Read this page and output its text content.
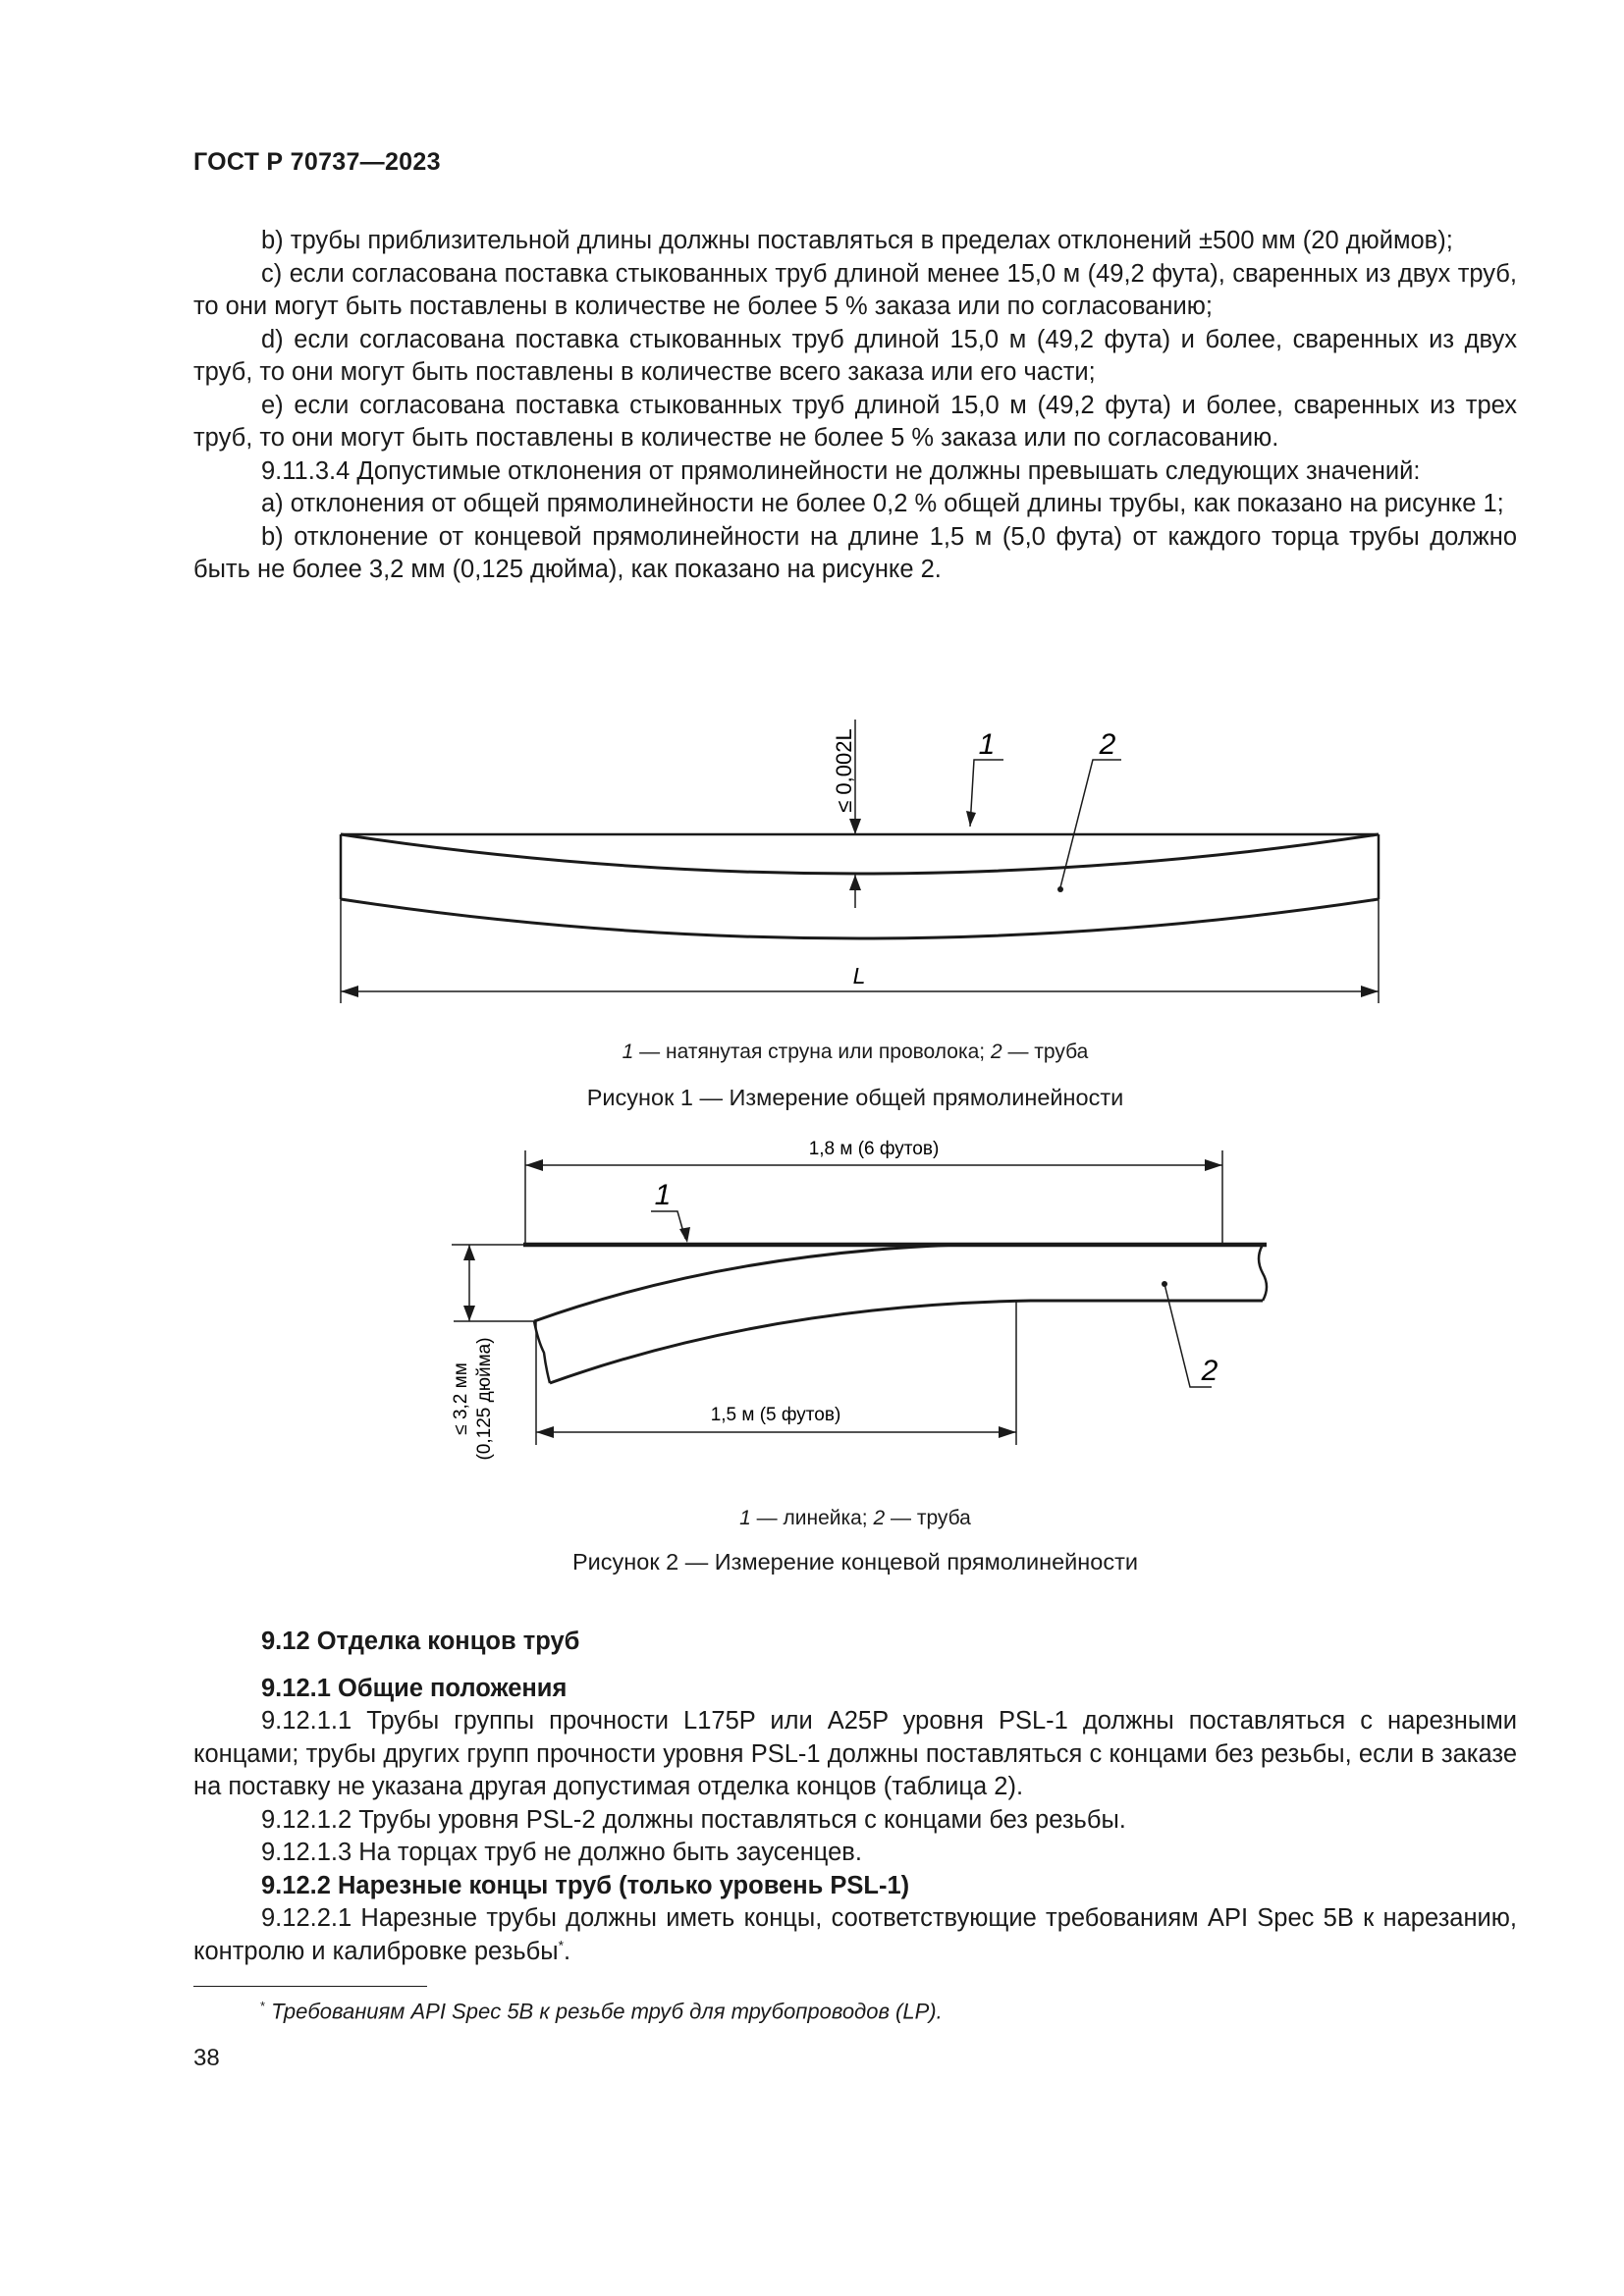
ГОСТ Р 70737—2023

b) трубы приблизительной длины должны поставляться в пределах отклонений ±500 мм (20 дюймов);

c) если согласована поставка стыкованных труб длиной менее 15,0 м (49,2 фута), сваренных из двух труб, то они могут быть поставлены в количестве не более 5 % заказа или по согласованию;

d) если согласована поставка стыкованных труб длиной 15,0 м (49,2 фута) и более, сваренных из двух труб, то они могут быть поставлены в количестве всего заказа или его части;

e) если согласована поставка стыкованных труб длиной 15,0 м (49,2 фута) и более, сваренных из трех труб, то они могут быть поставлены в количестве не более 5 % заказа или по согласованию.

9.11.3.4 Допустимые отклонения от прямолинейности не должны превышать следующих значений:

a) отклонения от общей прямолинейности не более 0,2 % общей длины трубы, как показано на рисунке 1;

b) отклонение от концевой прямолинейности на длине 1,5 м (5,0 фута) от каждого торца трубы должно быть не более 3,2 мм (0,125 дюйма), как показано на рисунке 2.

≤ 0,002L
L
1	2
1 — натянутая струна или проволока; 2 — труба
Рисунок 1 — Измерение общей прямолинейности
1,8 м (6 футов)
1,5 м (5 футов)
≤ 3,2 мм (0,125 дюйма)
1
2
1 — линейка; 2 — труба
Рисунок 2 — Измерение концевой прямолинейности

9.12 Отделка концов труб

9.12.1 Общие положения

9.12.1.1 Трубы группы прочности L175P или A25P уровня PSL-1 должны поставляться с нарезными концами; трубы других групп прочности уровня PSL-1 должны поставляться с концами без резьбы, если в заказе на поставку не указана другая допустимая отделка концов (таблица 2).

9.12.1.2 Трубы уровня PSL-2 должны поставляться с концами без резьбы.

9.12.1.3 На торцах труб не должно быть заусенцев.

9.12.2 Нарезные концы труб (только уровень PSL-1)

9.12.2.1 Нарезные трубы должны иметь концы, соответствующие требованиям API Spec 5B к нарезанию, контролю и калибровке резьбы*.

* Требованиям API Spec 5B к резьбе труб для трубопроводов (LP).
38
